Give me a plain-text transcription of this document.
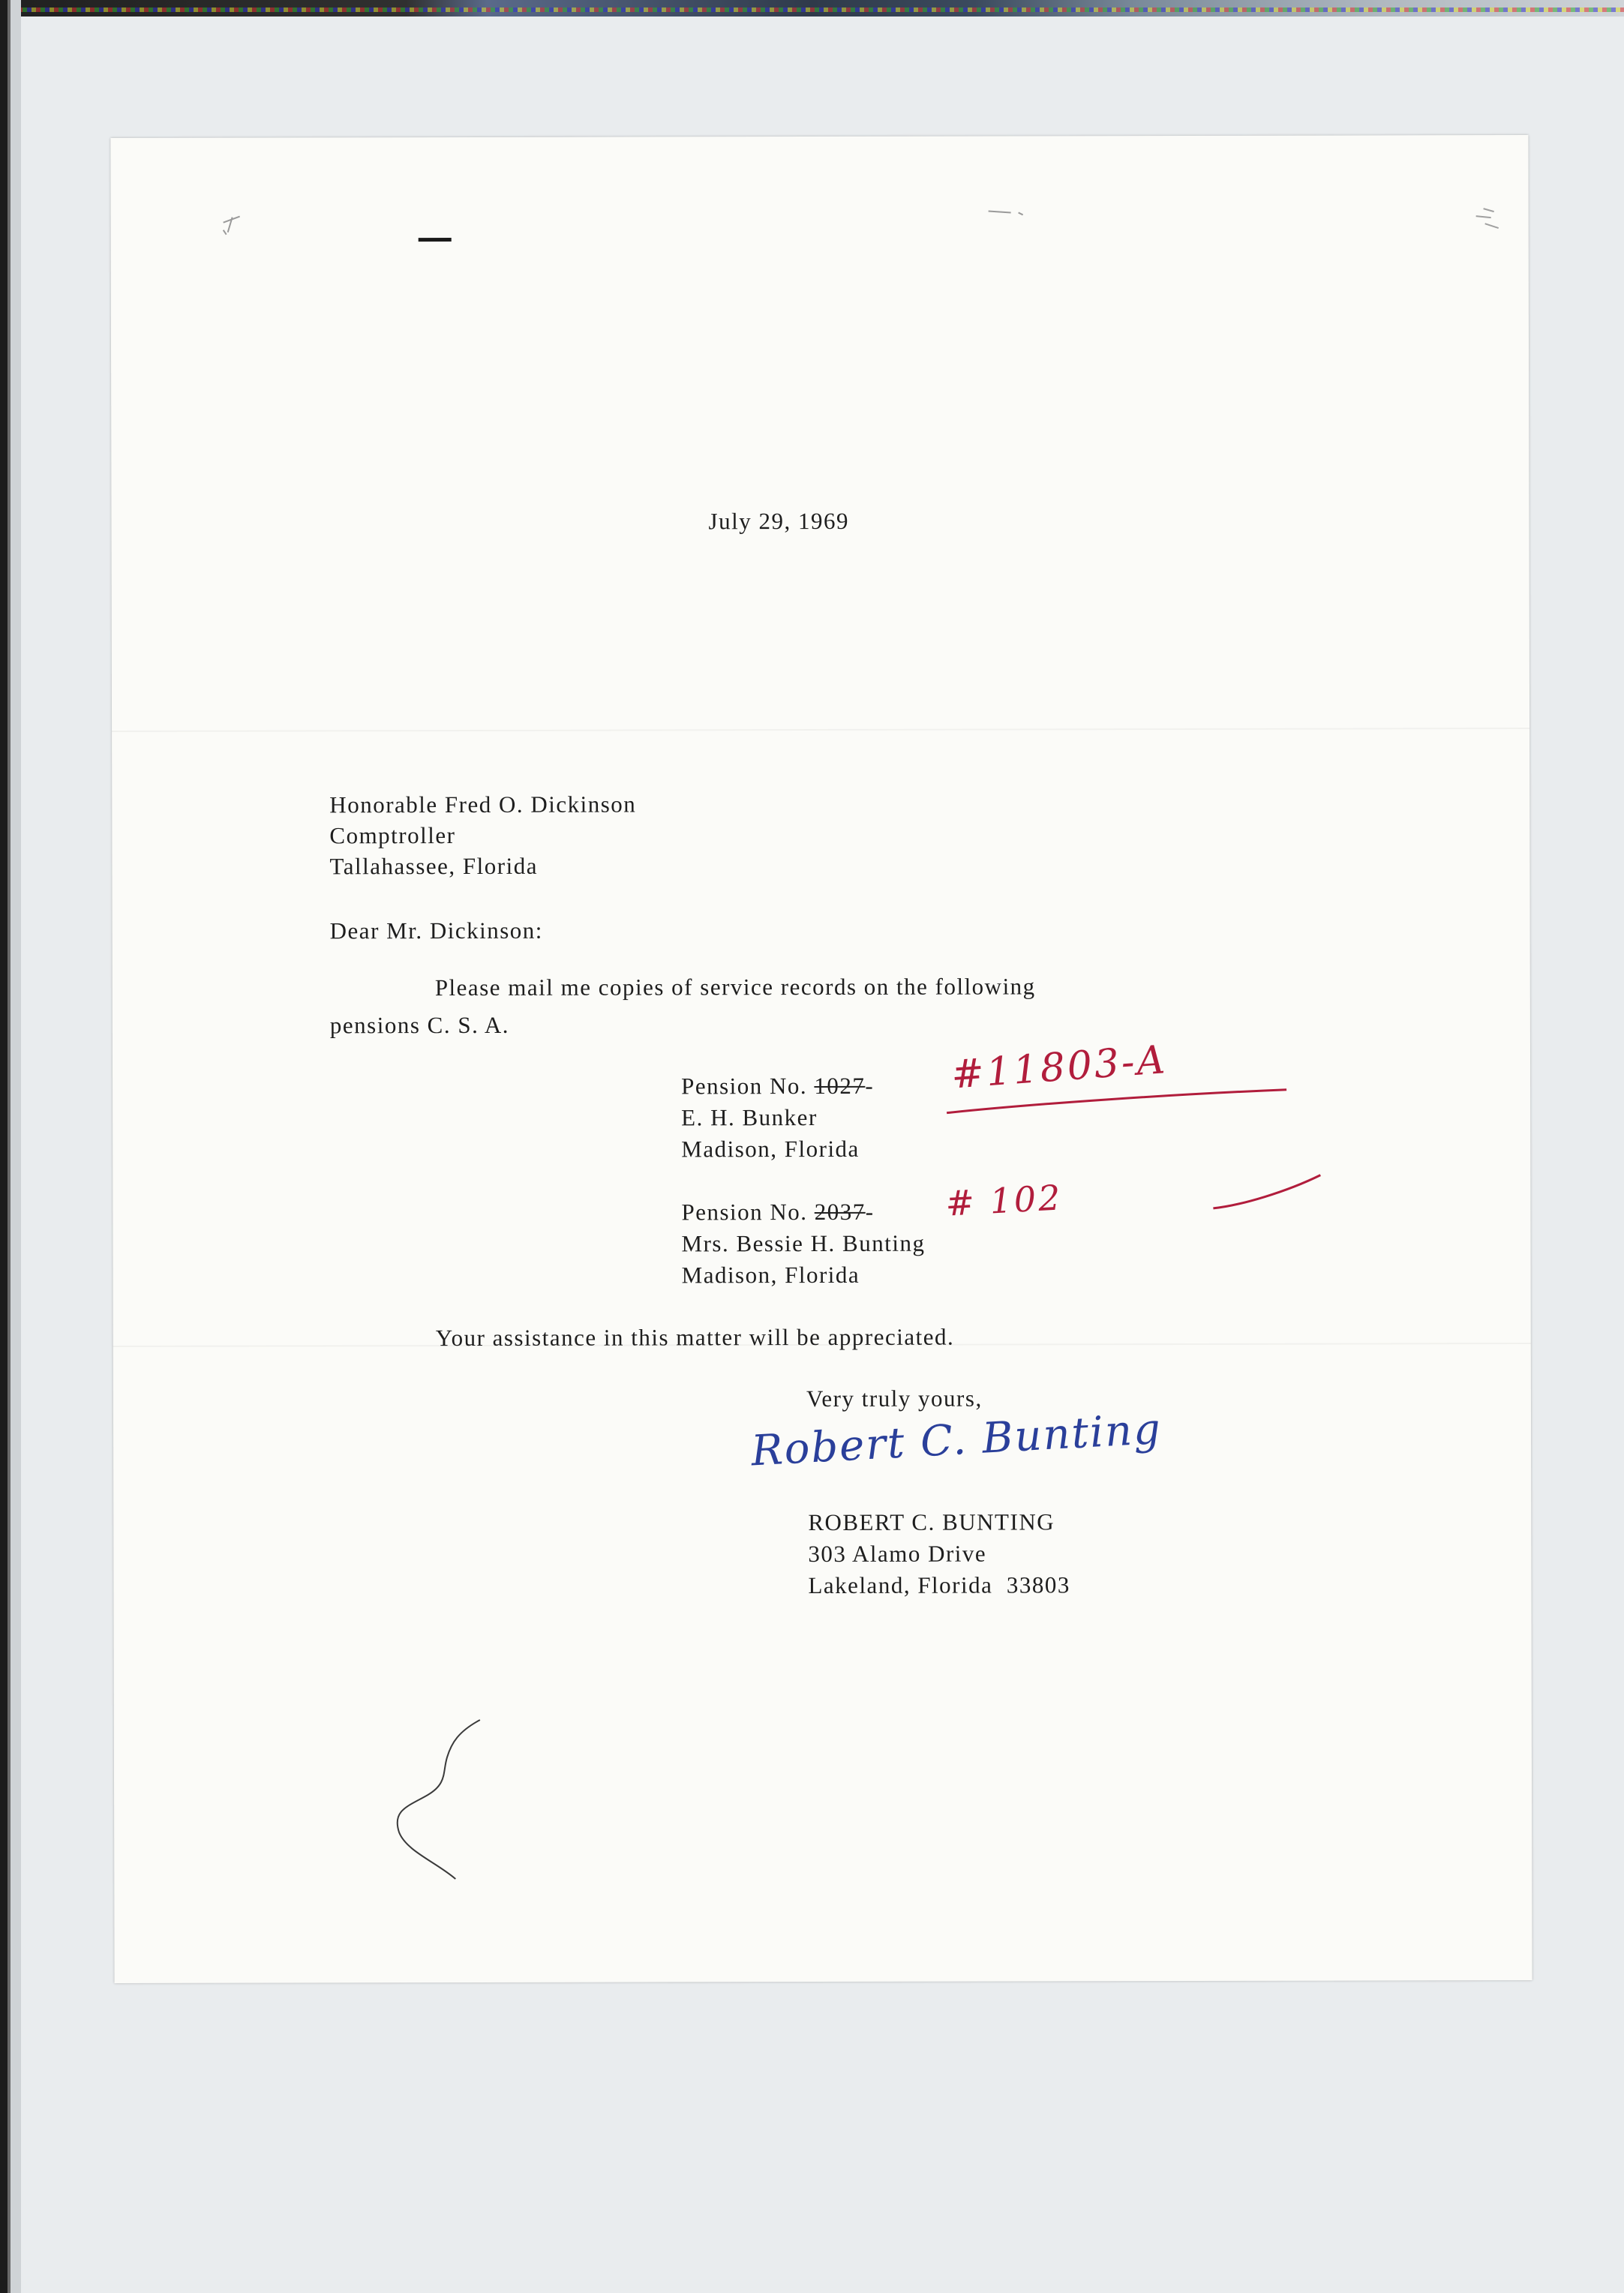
July 29, 1969
Honorable Fred O. Dickinson
Comptroller
Tallahassee, Florida
Dear Mr. Dickinson:
Please mail me copies of service records on the following
pensions C. S. A.
Pension No. 1027- #11803-A
E. H. Bunker
Madison, Florida
Pension No. 2037- # 102
Mrs. Bessie H. Bunting
Madison, Florida
Your assistance in this matter will be appreciated.
Very truly yours,
Robert C. Bunting
ROBERT C. BUNTING
303 Alamo Drive
Lakeland, Florida  33803
